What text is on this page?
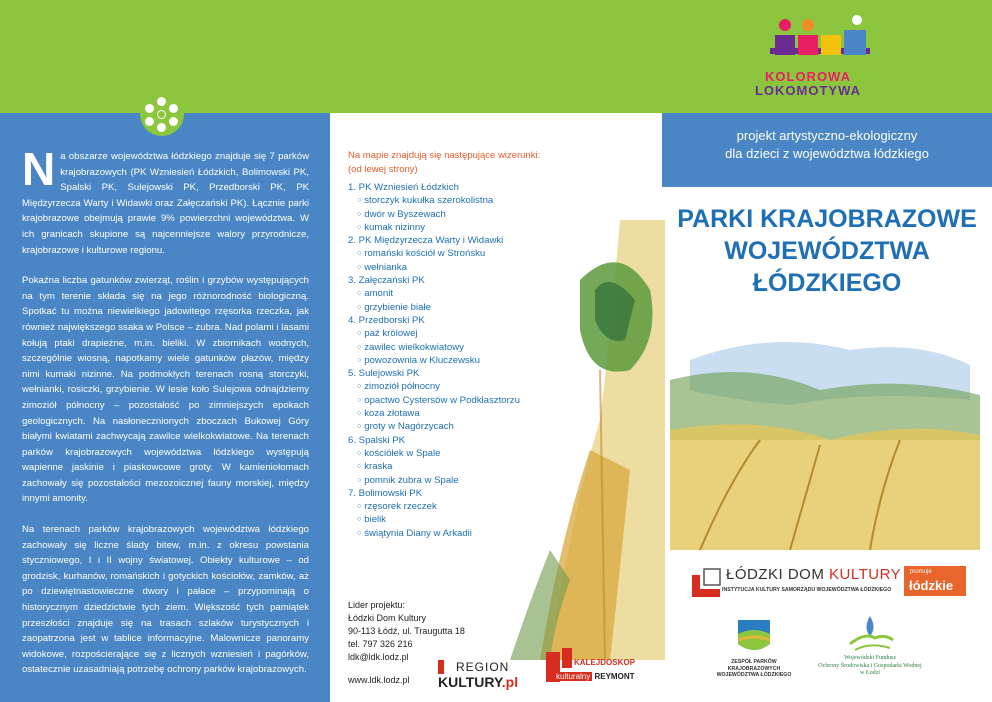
Na obszarze województwa łódzkiego znajduje się 7 parków krajobrazowych (PK Wzniesień Łódzkich, Bolimowski PK, Spalski PK, Sulejowski PK, Przedborski PK, PK Międzyrzecza Warty i Widawki oraz Załęczański PK). Łącznie parki krajobrazowe obejmują prawie 9% powierzchni województwa. W ich granicach skupione są najcenniejsze walory przyrodnicze, krajobrazowe i kulturowe regionu.

Pokaźna liczba gatunków zwierząt, roślin i grzybów występujących na tym terenie składa się na jego różnorodność biologiczną. Spotkać tu można niewielkiego jadowitego rzęsorka rzeczka, jak również największego ssaka w Polsce – żubra. Nad polami i lasami kołują ptaki drapieżne, m.in. bieliki. W zbiornikach wodnych, szczególnie wiosną, napotkamy wiele gatunków płazów, między nimi kumaki nizinne. Na podmokłych terenach rosną storczyki, wełnianki, rosiczki, grzybienie. W lesie koło Sulejowa odnajdziemy zimoziół północny – pozostałość po zimniejszych epokach geologicznych. Na nasłonecznionych zboczach Bukowej Góry białymi kwiatami zachwycają zawilce wielkokwiatowe. Na terenach parków krajobrazowych województwa łódzkiego występują wapienne jaskinie i piaskowcowe groty. W kamieniołomach zachowały się pozostałości mezozoicznej fauny morskiej, między innymi amonity.

Na terenach parków krajobrazowych województwa łódzkiego zachowały się liczne ślady bitew, m.in. z okresu powstania styczniowego, I i II wojny światowej. Obiekty kulturowe – od grodzisk, kurhanów, romańskich i gotyckich kościołów, zamków, aż po dziewiętnastowieczne dwory i pałace – przypominają o historycznym dziedzictwie tych ziem. Większość tych pamiątek przeszłości znajduje się na trasach szlaków turystycznych i zaopatrzona jest w tablice informacyjne. Malownicze panoramy widokowe, rozpościerające się z licznych wzniesień i pagórków, ostatecznie uzasadniają potrzebę ochrony parków krajobrazowych.

Na mapie znajdują się następujące wizerunki:
(od lewej strony)
1. PK Wzniesień Łódzkich
○ storczyk kukułka szerokolistna
○ dwór w Byszewach
○ kumak nizinny
2. PK Międzyrzecza Warty i Widawki
○ romański kościół w Strońsku
○ wełnianka
3. Załęczański PK
○ amonit
○ grzybienie białe
4. Przedborski PK
○ paź królowej
○ zawilec wielkokwiatowy
○ powozownia w Kluczewsku
5. Sulejowski PK
○ zimoziół północny
○ opactwo Cystersów w Podklasztorzu
○ koza złotawa
○ groty w Nagórzycach
6. Spalski PK
○ kościółek w Spale
○ kraska
○ pomnik żubra w Spale
7. Bolimowski PK
○ rzęsorek rzeczek
○ bielik
○ świątynia Diany w Arkadii
Lider projektu:
Łódzki Dom Kultury
90-113 Łódź, ul. Traugutta 18
tel. 797 326 216
ldk@ldk.lodz.pl
www.ldk.lodz.pl
REGION
KULTURY.pl
KALEJDOSKOP
kulturalny REYMONT
KOLOROWA
LOKOMOTYWA
projekt artystyczno-ekologiczny
dla dzieci z województwa łódzkiego
PARKI KRAJOBRAZOWE
WOJEWÓDZTWA
ŁÓDZKIEGO
ŁÓDZKI DOM KULTURY
INSTYTUCJA KULTURY SAMORZĄDU WOJEWÓDZTWA ŁÓDZKIEGO
promuje
łódzkie
ZESPÓŁ PARKÓW
KRAJOBRAZOWYCH
WOJEWÓDZTWA ŁÓDZKIEGO
Wojewódzki Fundusz
Ochrony Środowiska i Gospodarki Wodnej
w Łodzi
